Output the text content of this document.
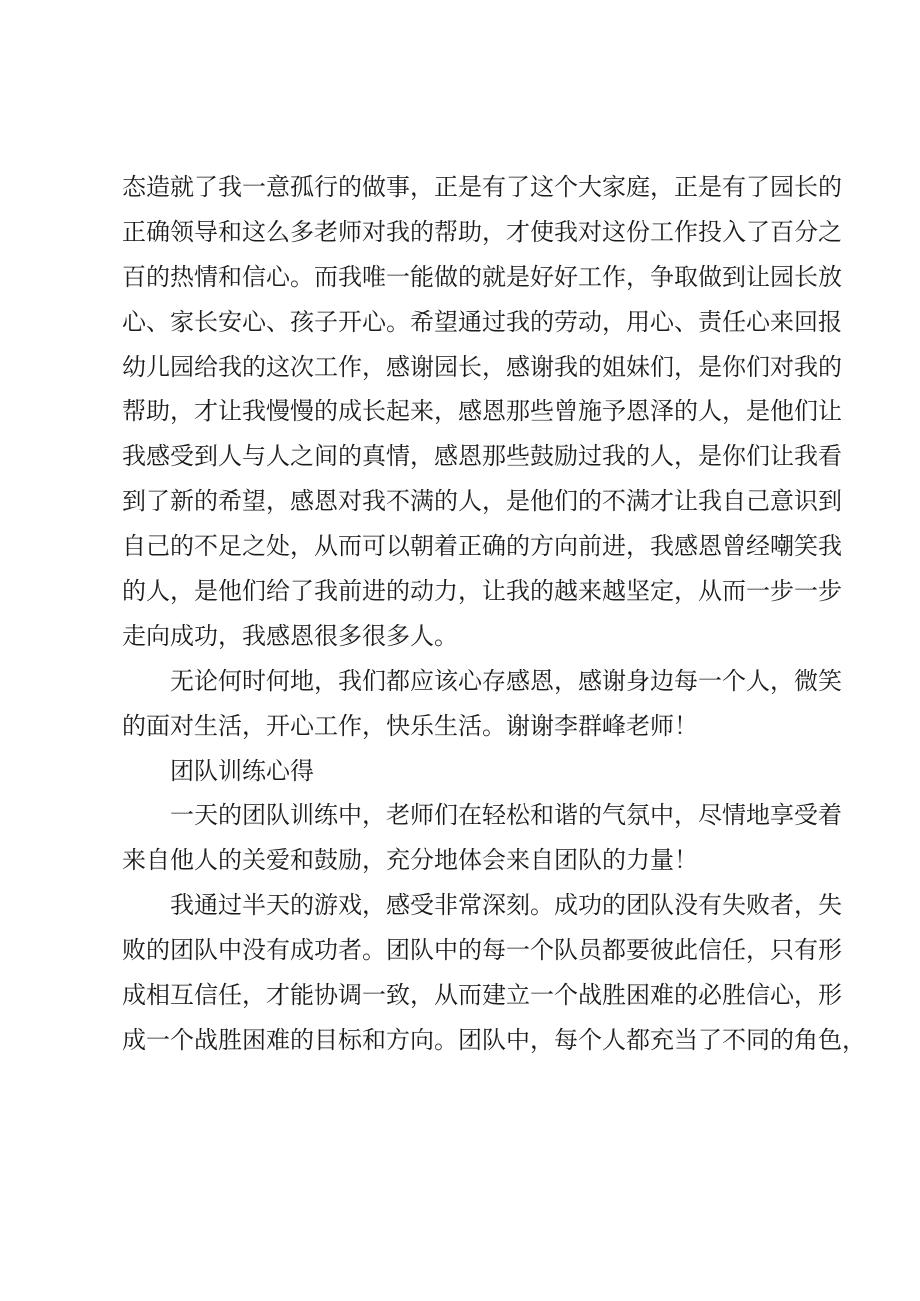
态造就了我一意孤行的做事，正是有了这个大家庭，正是有了园长的
正确领导和这么多老师对我的帮助，才使我对这份工作投入了百分之
百的热情和信心。而我唯一能做的就是好好工作，争取做到让园长放
心、家长安心、孩子开心。希望通过我的劳动，用心、责任心来回报
幼儿园给我的这次工作，感谢园长，感谢我的姐妹们，是你们对我的
帮助，才让我慢慢的成长起来，感恩那些曾施予恩泽的人，是他们让
我感受到人与人之间的真情，感恩那些鼓励过我的人，是你们让我看
到了新的希望，感恩对我不满的人，是他们的不满才让我自己意识到
自己的不足之处，从而可以朝着正确的方向前进，我感恩曾经嘲笑我
的人，是他们给了我前进的动力，让我的越来越坚定，从而一步一步
走向成功，我感恩很多很多人。
无论何时何地，我们都应该心存感恩，感谢身边每一个人，微笑
的面对生活，开心工作，快乐生活。谢谢李群峰老师！
团队训练心得
一天的团队训练中，老师们在轻松和谐的气氛中，尽情地享受着
来自他人的关爱和鼓励，充分地体会来自团队的力量！
我通过半天的游戏，感受非常深刻。成功的团队没有失败者，失
败的团队中没有成功者。团队中的每一个队员都要彼此信任，只有形
成相互信任，才能协调一致，从而建立一个战胜困难的必胜信心，形
成一个战胜困难的目标和方向。团队中，每个人都充当了不同的角色，
